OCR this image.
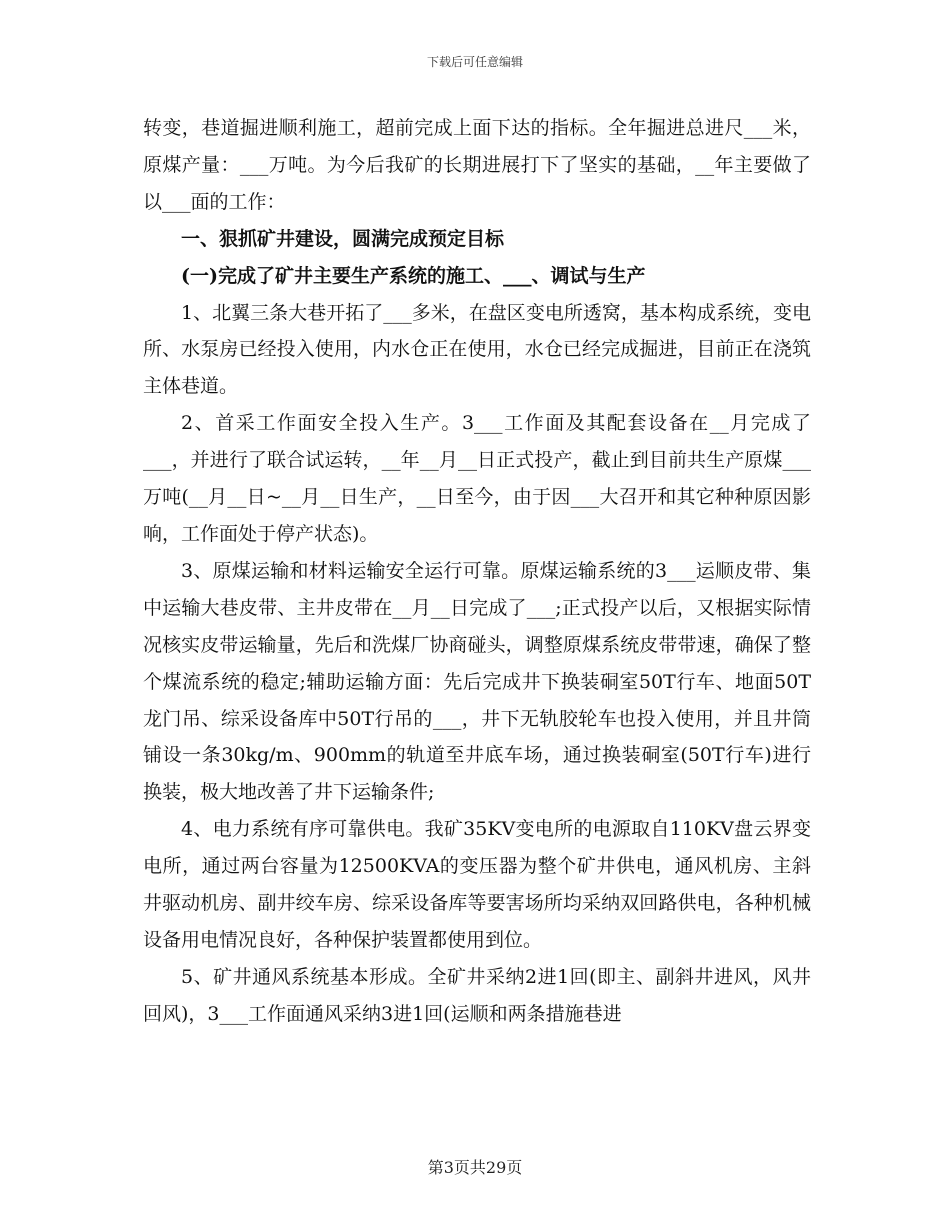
下载后可任意编辑

转变，巷道掘进顺利施工，超前完成上面下达的指标。全年掘进总进尺___米，原煤产量：___万吨。为今后我矿的长期进展打下了坚实的基础，__年主要做了以___面的工作：

一、狠抓矿井建设，圆满完成预定目标

(一)完成了矿井主要生产系统的施工、___、调试与生产

1、北翼三条大巷开拓了___多米，在盘区变电所透窝，基本构成系统，变电所、水泵房已经投入使用，内水仓正在使用，水仓已经完成掘进，目前正在浇筑主体巷道。

2、首采工作面安全投入生产。3___工作面及其配套设备在__月完成了___，并进行了联合试运转，__年__月__日正式投产，截止到目前共生产原煤___万吨(__月__日~__月__日生产，__日至今，由于因___大召开和其它种种原因影响，工作面处于停产状态)。

3、原煤运输和材料运输安全运行可靠。原煤运输系统的3___运顺皮带、集中运输大巷皮带、主井皮带在__月__日完成了___;正式投产以后，又根据实际情况核实皮带运输量，先后和洗煤厂协商碰头，调整原煤系统皮带带速，确保了整个煤流系统的稳定;辅助运输方面：先后完成井下换装硐室50T行车、地面50T龙门吊、综采设备库中50T行吊的___，井下无轨胶轮车也投入使用，并且井筒铺设一条30kg/m、900mm的轨道至井底车场，通过换装硐室(50T行车)进行换装，极大地改善了井下运输条件;

4、电力系统有序可靠供电。我矿35KV变电所的电源取自110KV盘云界变电所，通过两台容量为12500KVA的变压器为整个矿井供电，通风机房、主斜井驱动机房、副井绞车房、综采设备库等要害场所均采纳双回路供电，各种机械设备用电情况良好，各种保护装置都使用到位。

5、矿井通风系统基本形成。全矿井采纳2进1回(即主、副斜井进风，风井回风)，3___工作面通风采纳3进1回(运顺和两条措施巷进

第3页共29页
